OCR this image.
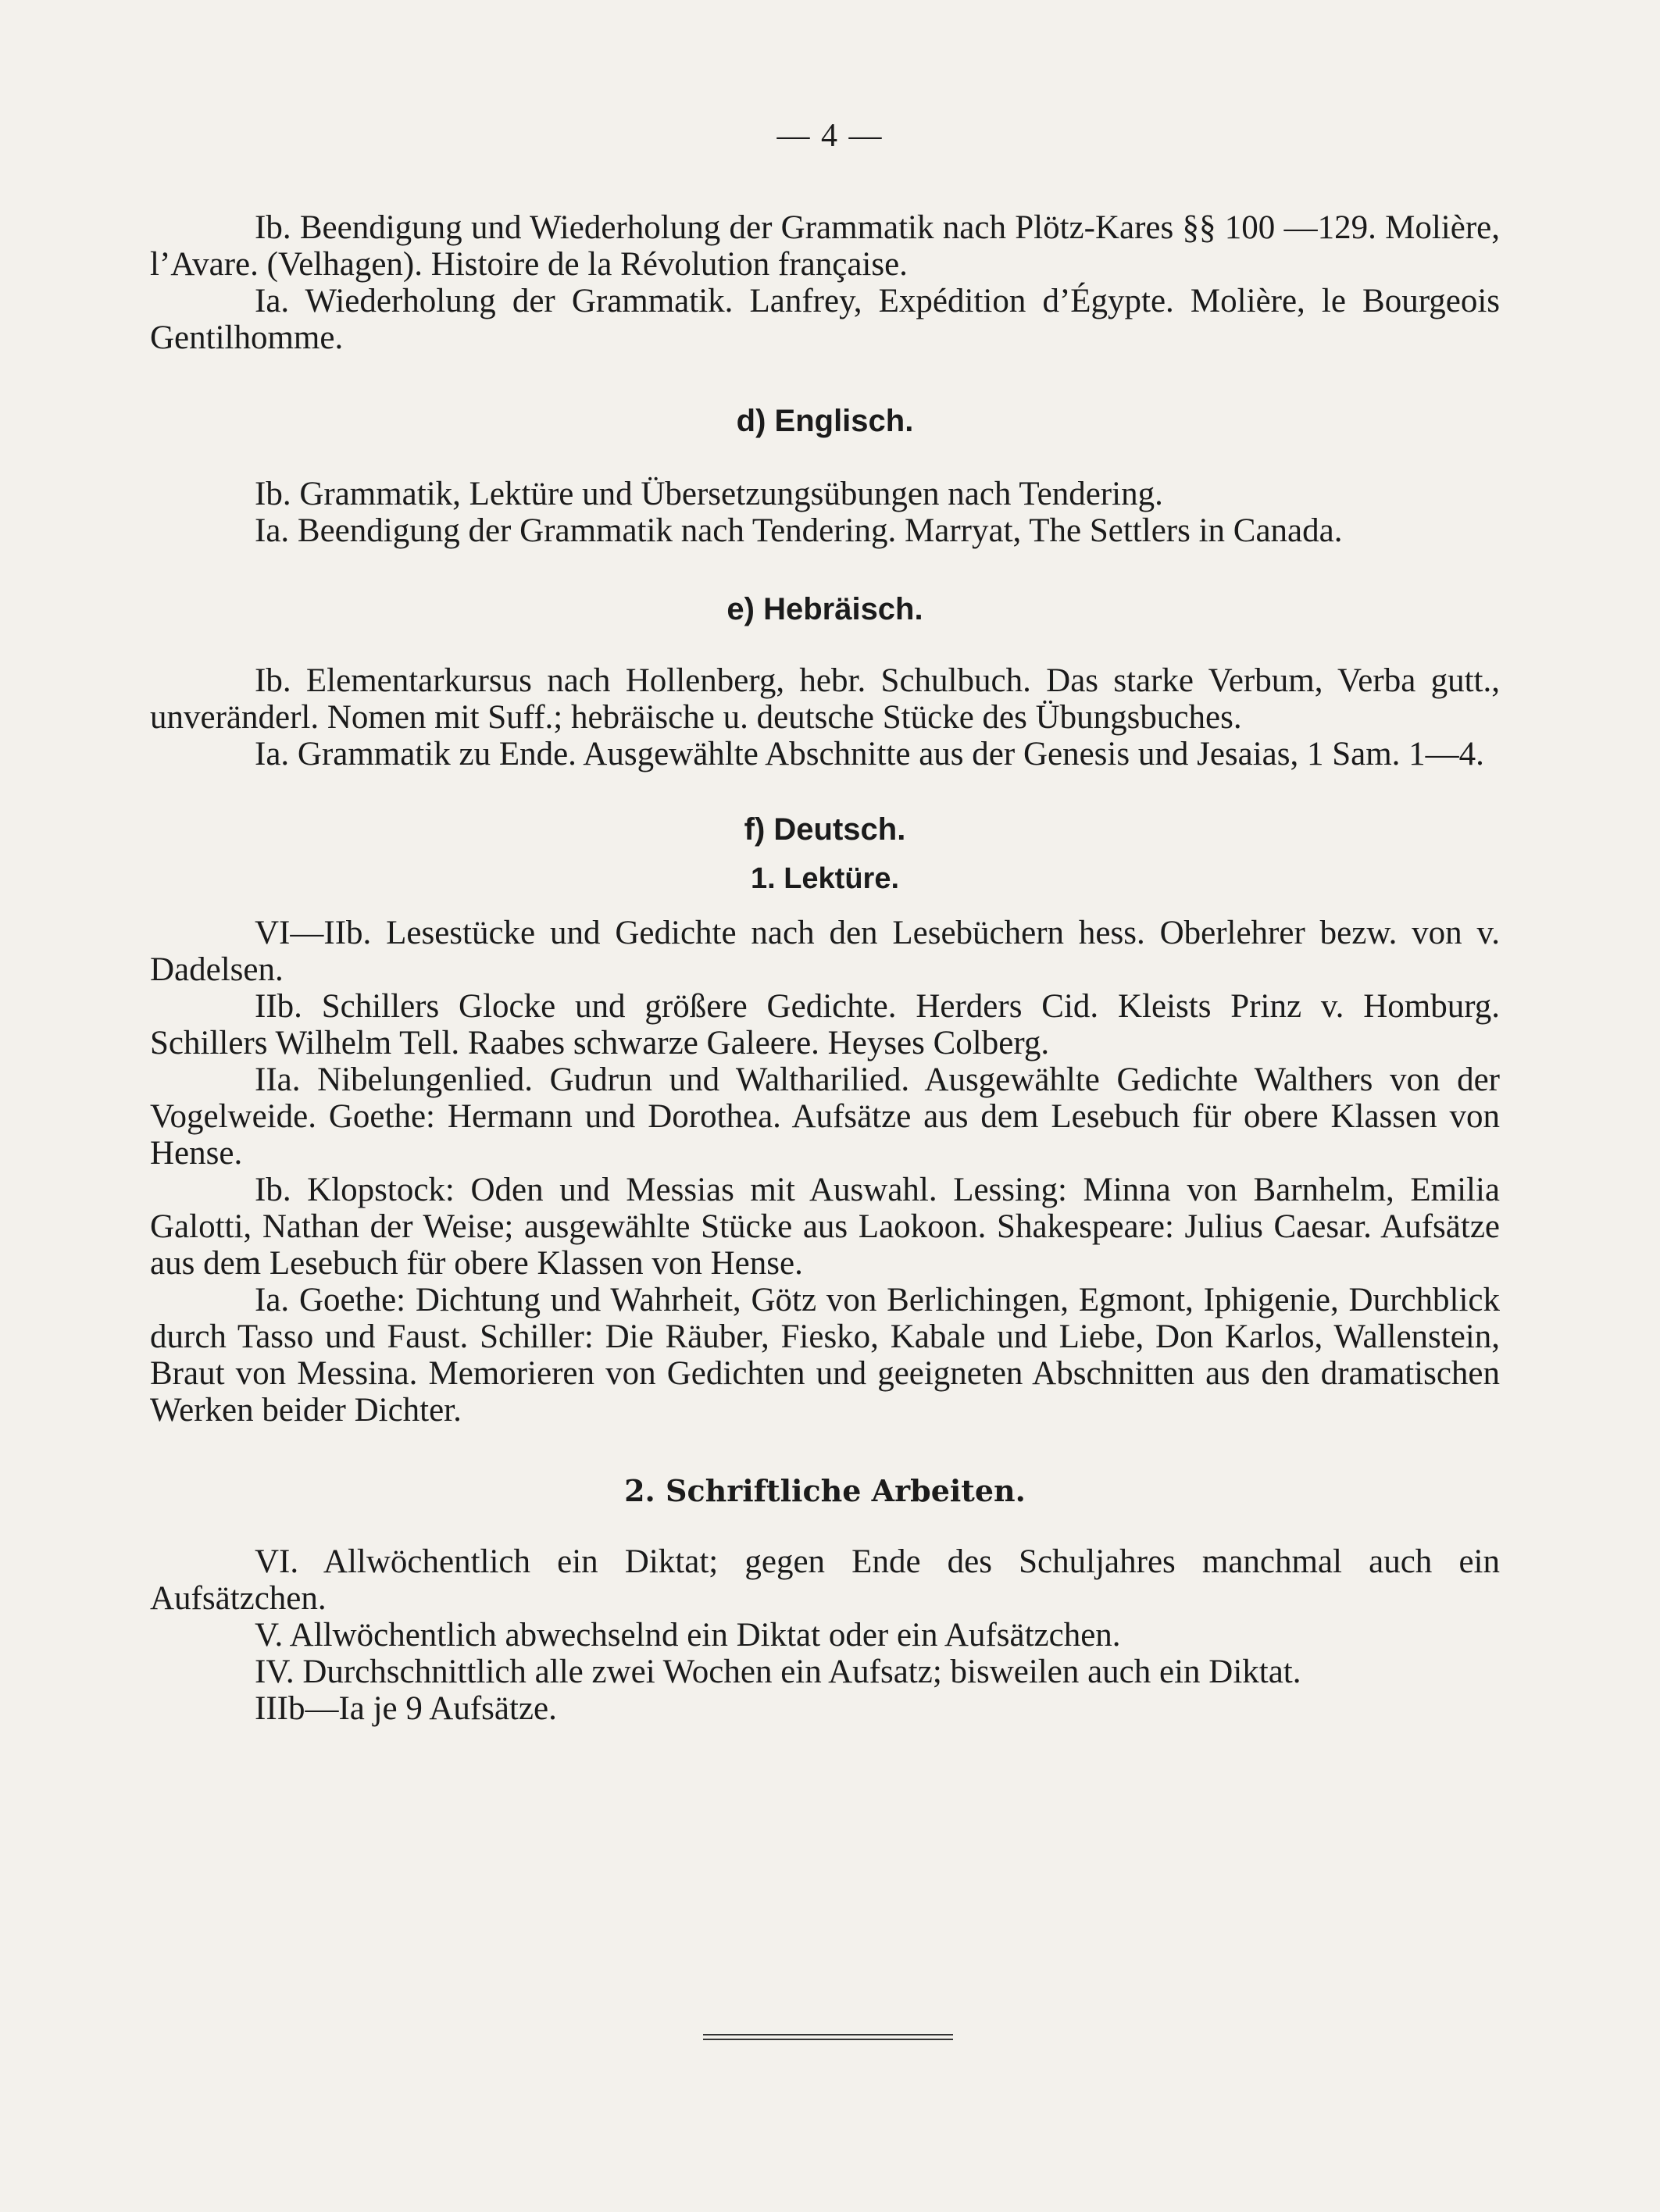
— 4 —

Ib. Beendigung und Wiederholung der Grammatik nach Plötz-Kares §§ 100 —129. Molière, l’Avare. (Velhagen). Histoire de la Révolution française.

Ia. Wiederholung der Grammatik. Lanfrey, Expédition d’Égypte. Molière, le Bourgeois Gentilhomme.

d) Englisch.

Ib. Grammatik, Lektüre und Übersetzungsübungen nach Tendering.

Ia. Beendigung der Grammatik nach Tendering. Marryat, The Settlers in Canada.

e) Hebräisch.

Ib. Elementarkursus nach Hollenberg, hebr. Schulbuch. Das starke Verbum, Verba gutt., unveränderl. Nomen mit Suff.; hebräische u. deutsche Stücke des Übungsbuches.

Ia. Grammatik zu Ende. Ausgewählte Abschnitte aus der Genesis und Jesaias, 1 Sam. 1—4.

f) Deutsch.

1. Lektüre.

VI—IIb. Lesestücke und Gedichte nach den Lesebüchern hess. Oberlehrer bezw. von v. Dadelsen.

IIb. Schillers Glocke und größere Gedichte. Herders Cid. Kleists Prinz v. Homburg. Schillers Wilhelm Tell. Raabes schwarze Galeere. Heyses Colberg.

IIa. Nibelungenlied. Gudrun und Waltharilied. Ausgewählte Gedichte Walthers von der Vogelweide. Goethe: Hermann und Dorothea. Aufsätze aus dem Lesebuch für obere Klassen von Hense.

Ib. Klopstock: Oden und Messias mit Auswahl. Lessing: Minna von Barnhelm, Emilia Galotti, Nathan der Weise; ausgewählte Stücke aus Laokoon. Shakespeare: Julius Caesar. Aufsätze aus dem Lesebuch für obere Klassen von Hense.

Ia. Goethe: Dichtung und Wahrheit, Götz von Berlichingen, Egmont, Iphigenie, Durchblick durch Tasso und Faust. Schiller: Die Räuber, Fiesko, Kabale und Liebe, Don Karlos, Wallenstein, Braut von Messina. Memorieren von Gedichten und geeigneten Abschnitten aus den dramatischen Werken beider Dichter.

2. Schriftliche Arbeiten.

VI. Allwöchentlich ein Diktat; gegen Ende des Schuljahres manchmal auch ein Aufsätzchen.

V. Allwöchentlich abwechselnd ein Diktat oder ein Aufsätzchen.

IV. Durchschnittlich alle zwei Wochen ein Aufsatz; bisweilen auch ein Diktat.

IIIb—Ia je 9 Aufsätze.
